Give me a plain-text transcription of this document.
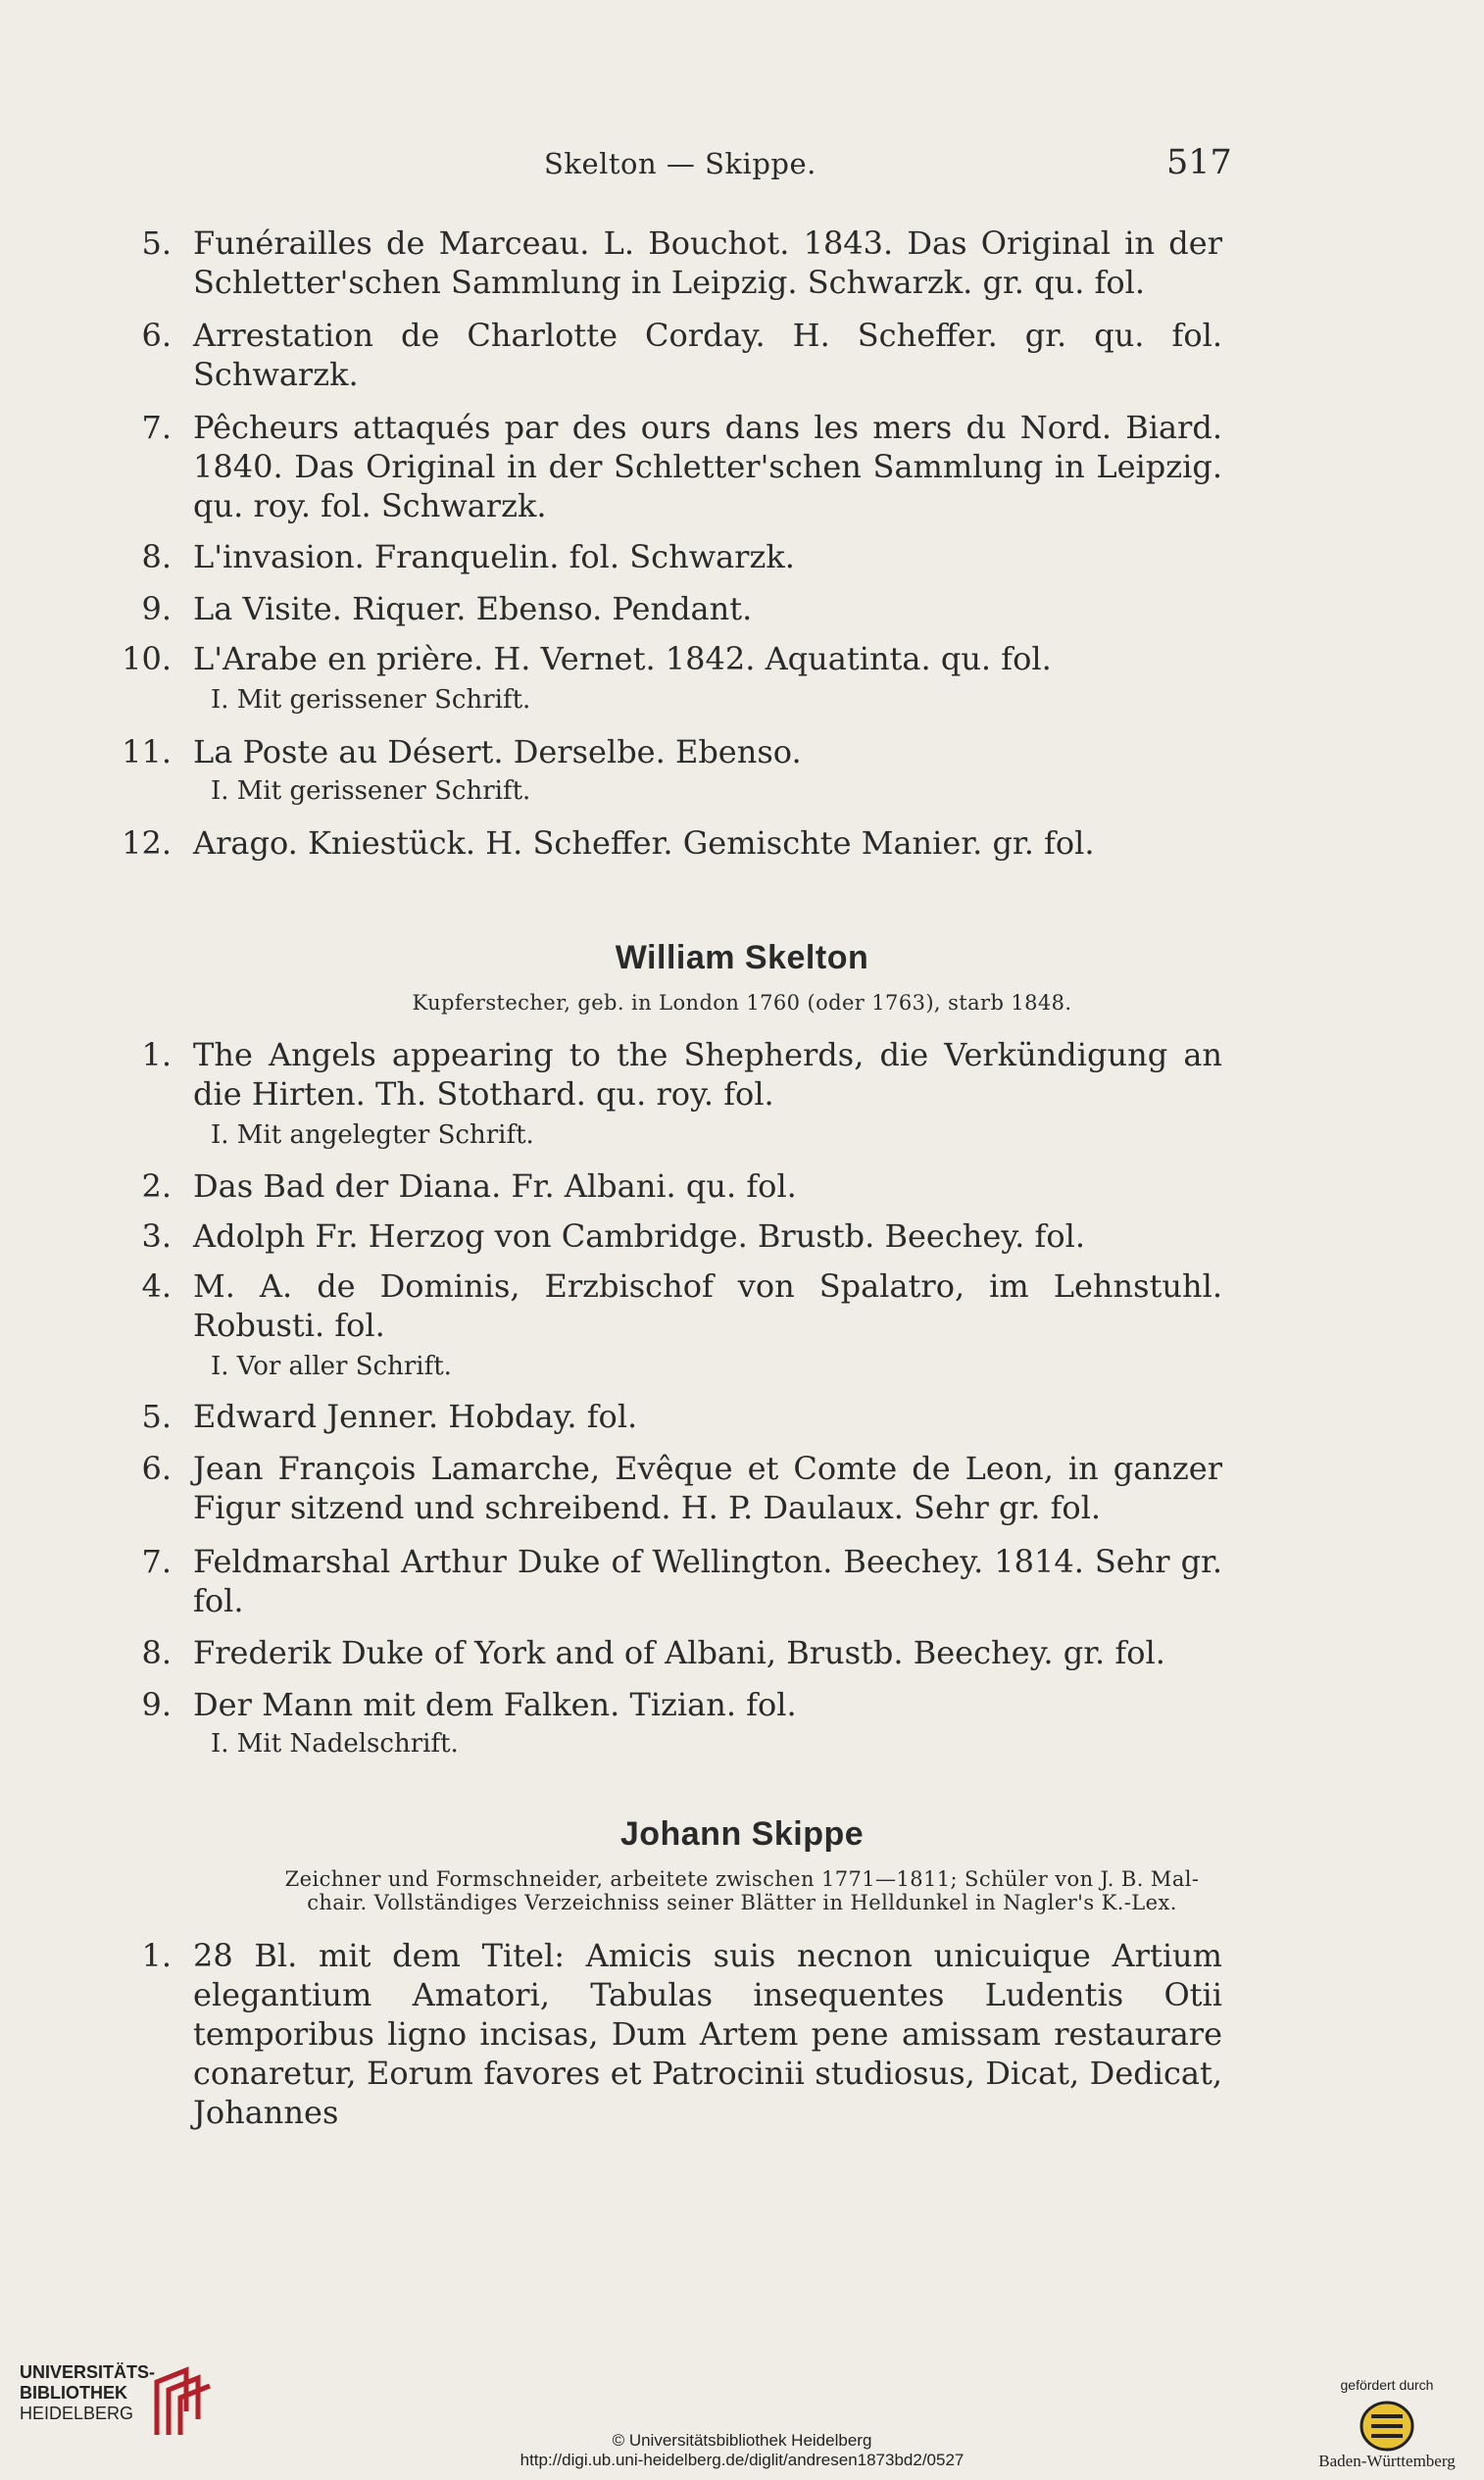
Skelton — Skippe.	517
5. Funérailles de Marceau. L. Bouchot. 1843. Das Original in der Schletter'schen Sammlung in Leipzig. Schwarzk. gr. qu. fol.
6. Arrestation de Charlotte Corday. H. Scheffer. gr. qu. fol. Schwarzk.
7. Pêcheurs attaqués par des ours dans les mers du Nord. Biard. 1840. Das Original in der Schletter'schen Sammlung in Leipzig. qu. roy. fol. Schwarzk.
8. L'invasion. Franquelin. fol. Schwarzk.
9. La Visite. Riquer. Ebenso. Pendant.
10. L'Arabe en prière. H. Vernet. 1842. Aquatinta. qu. fol.
I. Mit gerissener Schrift.
11. La Poste au Désert. Derselbe. Ebenso.
I. Mit gerissener Schrift.
12. Arago. Kniestück. H. Scheffer. Gemischte Manier. gr. fol.
William Skelton
Kupferstecher, geb. in London 1760 (oder 1763), starb 1848.
1. The Angels appearing to the Shepherds, die Verkündigung an die Hirten. Th. Stothard. qu. roy. fol.
I. Mit angelegter Schrift.
2. Das Bad der Diana. Fr. Albani. qu. fol.
3. Adolph Fr. Herzog von Cambridge. Brustb. Beechey. fol.
4. M. A. de Dominis, Erzbischof von Spalatro, im Lehnstuhl. Robusti. fol.
I. Vor aller Schrift.
5. Edward Jenner. Hobday. fol.
6. Jean François Lamarche, Evêque et Comte de Leon, in ganzer Figur sitzend und schreibend. H. P. Daulaux. Sehr gr. fol.
7. Feldmarshal Arthur Duke of Wellington. Beechey. 1814. Sehr gr. fol.
8. Frederik Duke of York and of Albani, Brustb. Beechey. gr. fol.
9. Der Mann mit dem Falken. Tizian. fol.
I. Mit Nadelschrift.
Johann Skippe
Zeichner und Formschneider, arbeitete zwischen 1771—1811; Schüler von J. B. Mal-
chair. Vollständiges Verzeichniss seiner Blätter in Helldunkel in Nagler's K.-Lex.
1. 28 Bl. mit dem Titel: Amicis suis necnon unicuique Artium elegantium Amatori, Tabulas insequentes Ludentis Otii temporibus ligno incisas, Dum Artem pene amissam restaurare conaretur, Eorum favores et Patrocinii studiosus, Dicat, Dedicat, Johannes
UNIVERSITÄTS-
BIBLIOTHEK
HEIDELBERG
© Universitätsbibliothek Heidelberg
http://digi.ub.uni-heidelberg.de/diglit/andresen1873bd2/0527
gefördert durch
Baden-Württemberg
